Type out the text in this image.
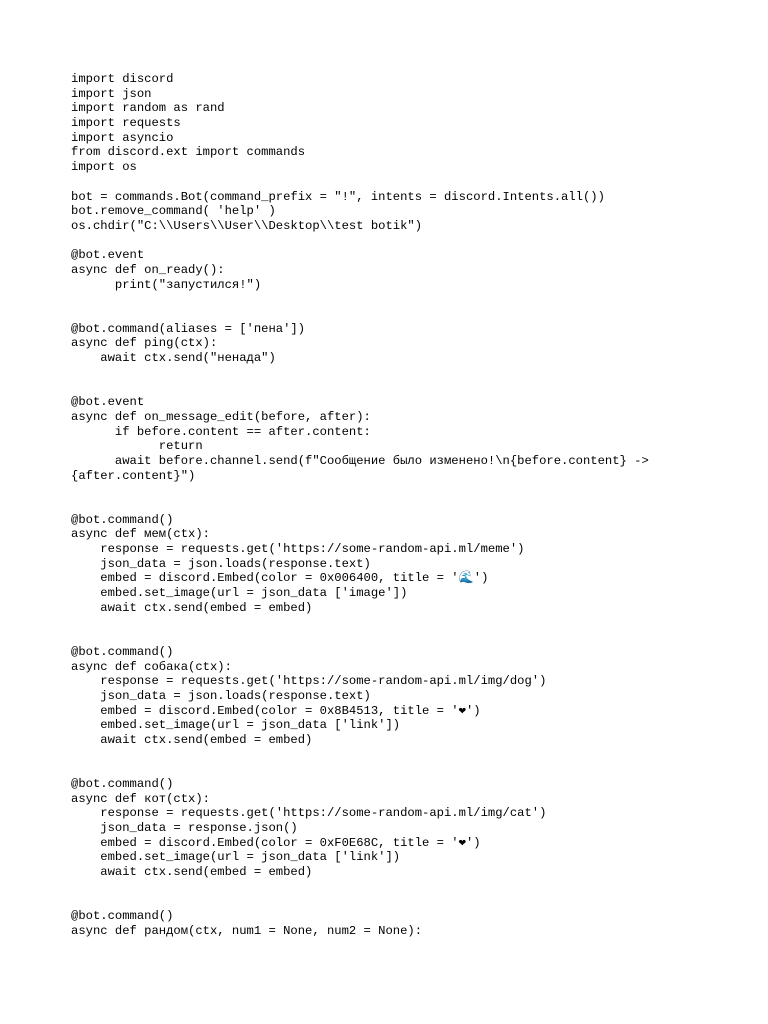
import discord
import json
import random as rand
import requests
import asyncio
from discord.ext import commands
import os
bot = commands.Bot(command_prefix = "!", intents = discord.Intents.all())
bot.remove_command( 'help' )
os.chdir("C:\\Users\\User\\Desktop\\test botik")
@bot.event
async def on_ready():
print("запустился!")
@bot.command(aliases = ['пена'])
async def ping(ctx):
await ctx.send("ненада")
@bot.event
async def on_message_edit(before, after):
if before.content == after.content:
return
await before.channel.send(f"Сообщение было изменено!\n{before.content} ->
{after.content}")
@bot.command()
async def мем(ctx):
response = requests.get('https://some-random-api.ml/meme')
json_data = json.loads(response.text)
embed = discord.Embed(color = 0x006400, title = '🌊')
embed.set_image(url = json_data ['image'])
await ctx.send(embed = embed)
@bot.command()
async def собака(ctx):
response = requests.get('https://some-random-api.ml/img/dog')
json_data = json.loads(response.text)
embed = discord.Embed(color = 0x8B4513, title = '❤')
embed.set_image(url = json_data ['link'])
await ctx.send(embed = embed)
@bot.command()
async def кот(ctx):
response = requests.get('https://some-random-api.ml/img/cat')
json_data = response.json()
embed = discord.Embed(color = 0xF0E68C, title = '❤')
embed.set_image(url = json_data ['link'])
await ctx.send(embed = embed)
@bot.command()
async def рандом(ctx, num1 = None, num2 = None):
